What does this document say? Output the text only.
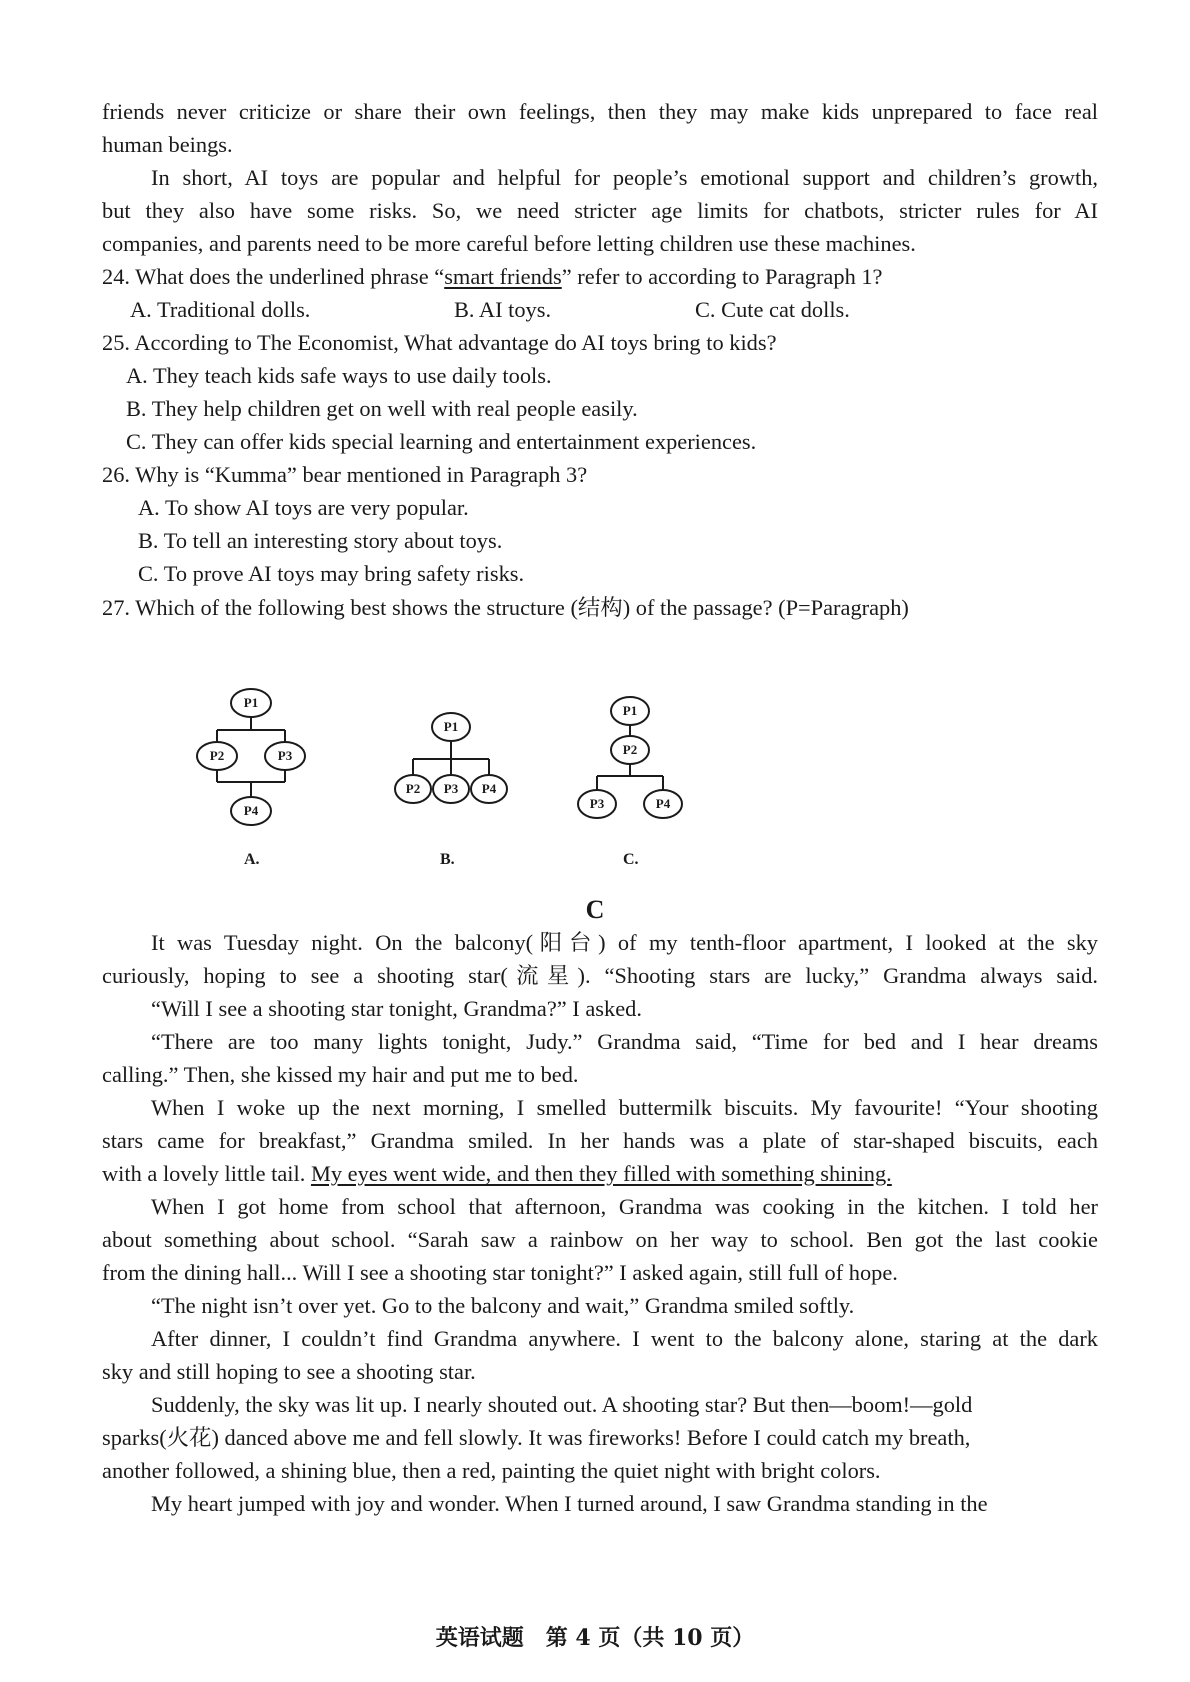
friends never criticize or share their own feelings, then they may make kids unprepared to face real
human beings.
In short, AI toys are popular and helpful for people’s emotional support and children’s growth,
but they also have some risks. So, we need stricter age limits for chatbots, stricter rules for AI
companies, and parents need to be more careful before letting children use these machines.
24. What does the underlined phrase “smart friends” refer to according to Paragraph 1?
A. Traditional dolls.	B. AI toys.	C. Cute cat dolls.
25. According to The Economist, What advantage do AI toys bring to kids?
A. They teach kids safe ways to use daily tools.
B. They help children get on well with real people easily.
C. They can offer kids special learning and entertainment experiences.
26. Why is “Kumma” bear mentioned in Paragraph 3?
A. To show AI toys are very popular.
B. To tell an interesting story about toys.
C. To prove AI toys may bring safety risks.
27. Which of the following best shows the structure (结构) of the passage? (P=Paragraph)
P1
P2	P3
P4
A.
P1
P2 P3 P4
B.
P1
P2
P3	P4
C.
C
It was Tuesday night. On the balcony(阳台) of my tenth-floor apartment, I looked at the sky
curiously, hoping to see a shooting star(流星). “Shooting stars are lucky,” Grandma always said.
“Will I see a shooting star tonight, Grandma?” I asked.
“There are too many lights tonight, Judy.” Grandma said, “Time for bed and I hear dreams
calling.” Then, she kissed my hair and put me to bed.
When I woke up the next morning, I smelled buttermilk biscuits. My favourite! “Your shooting
stars came for breakfast,” Grandma smiled. In her hands was a plate of star-shaped biscuits, each
with a lovely little tail. My eyes went wide, and then they filled with something shining.
When I got home from school that afternoon, Grandma was cooking in the kitchen. I told her
about something about school. “Sarah saw a rainbow on her way to school. Ben got the last cookie
from the dining hall... Will I see a shooting star tonight?” I asked again, still full of hope.
“The night isn’t over yet. Go to the balcony and wait,” Grandma smiled softly.
After dinner, I couldn’t find Grandma anywhere. I went to the balcony alone, staring at the dark
sky and still hoping to see a shooting star.
Suddenly, the sky was lit up. I nearly shouted out. A shooting star? But then—boom!—gold
sparks(火花) danced above me and fell slowly. It was fireworks! Before I could catch my breath,
another followed, a shining blue, then a red, painting the quiet night with bright colors.
My heart jumped with joy and wonder. When I turned around, I saw Grandma standing in the
英语试题　第 4 页（共 10 页）
